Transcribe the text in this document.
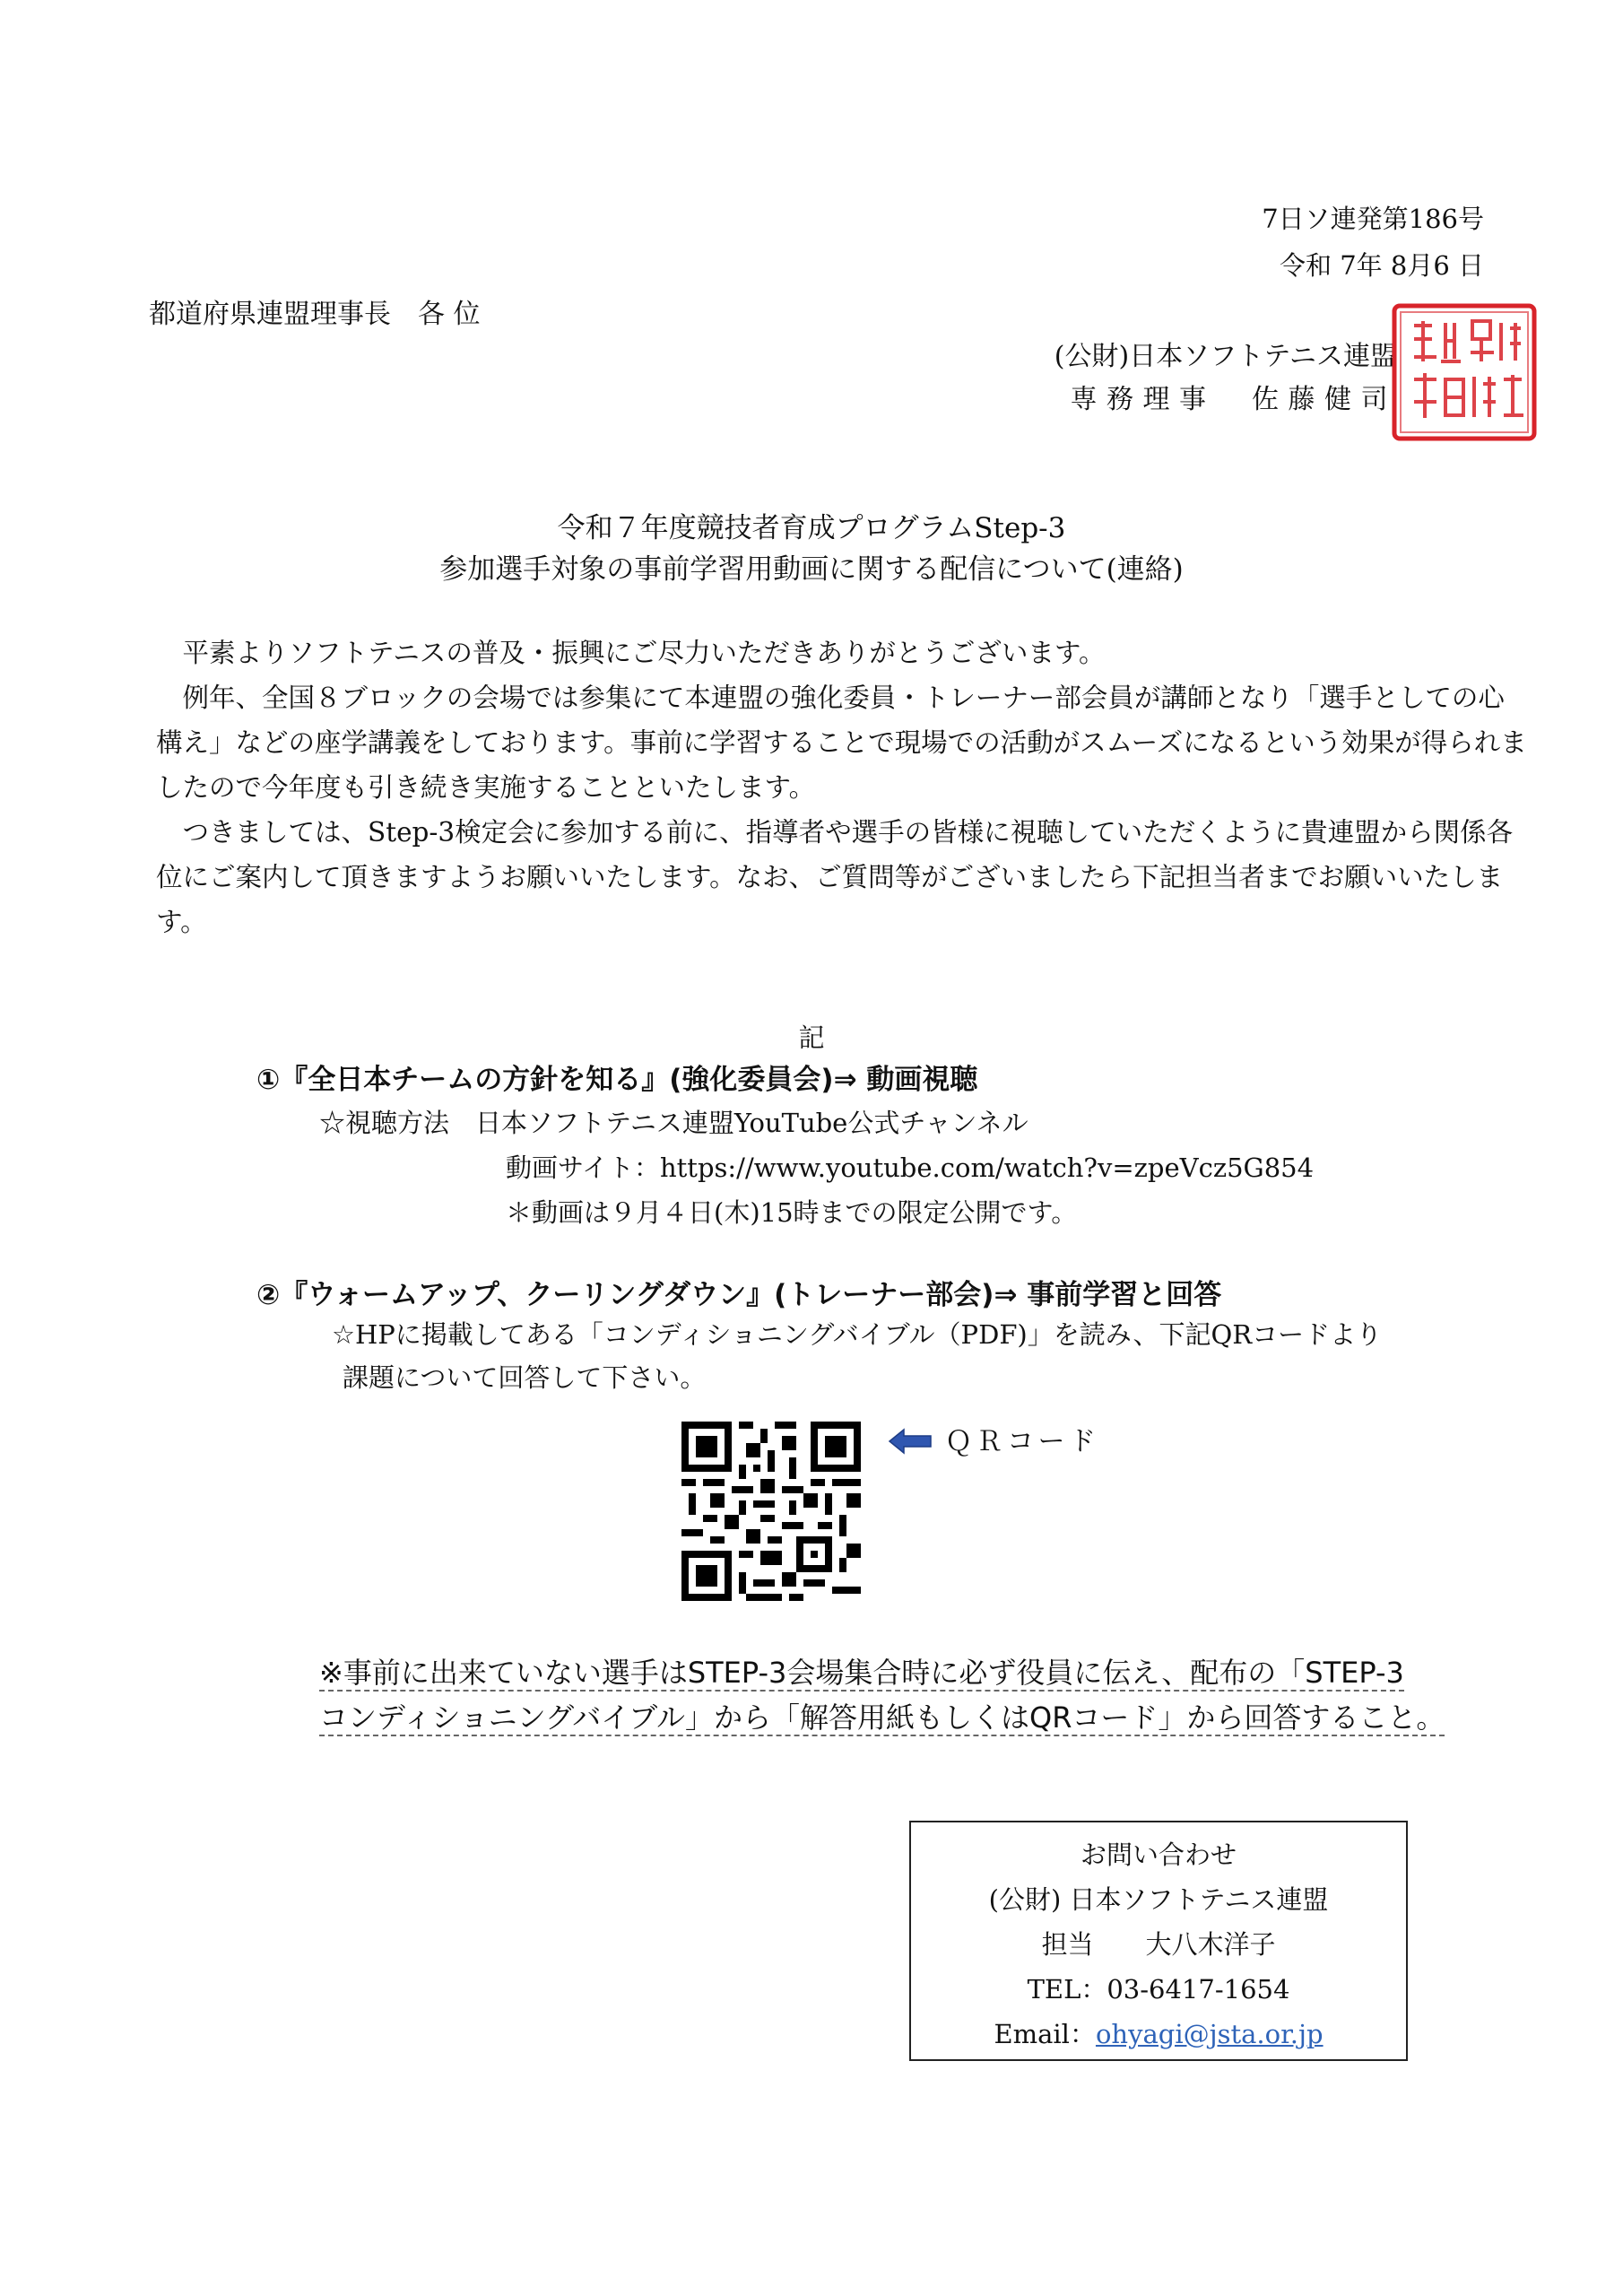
7日ソ連発第186号
令和 7年 8月6 日
都道府県連盟理事長　各 位
(公財)日本ソフトテニス連盟
専務理事　佐藤健司
日本ソフトテニス連盟専務理事之印
令和７年度競技者育成プログラムStep-3
参加選手対象の事前学習用動画に関する配信について(連絡)

平素よりソフトテニスの普及・振興にご尽力いただきありがとうございます。

例年、全国８ブロックの会場では参集にて本連盟の強化委員・トレーナー部会員が講師となり「選手としての心構え」などの座学講義をしております。事前に学習することで現場での活動がスムーズになるという効果が得られましたので今年度も引き続き実施することといたします。

つきましては、Step-3検定会に参加する前に、指導者や選手の皆様に視聴していただくように貴連盟から関係各位にご案内して頂きますようお願いいたします。なお、ご質問等がございましたら下記担当者までお願いいたします。

記
①『全日本チームの方針を知る』(強化委員会)⇒ 動画視聴
☆視聴方法　日本ソフトテニス連盟YouTube公式チャンネル
動画サイト：https://www.youtube.com/watch?v=zpeVcz5G854
＊動画は９月４日(木)15時までの限定公開です。
②『ウォームアップ、クーリングダウン』(トレーナー部会)⇒ 事前学習と回答
☆HPに掲載してある「コンディショニングバイブル（PDF)」を読み、下記QRコードより
課題について回答して下さい。
ＱＲコード
※事前に出来ていない選手はSTEP-3会場集合時に必ず役員に伝え、配布の「STEP-3
コンディショニングバイブル」から「解答用紙もしくはQRコード」から回答すること。
お問い合わせ
(公財) 日本ソフトテニス連盟
担当　　大八木洋子
TEL：03-6417-1654
Email：ohyagi@jsta.or.jp
